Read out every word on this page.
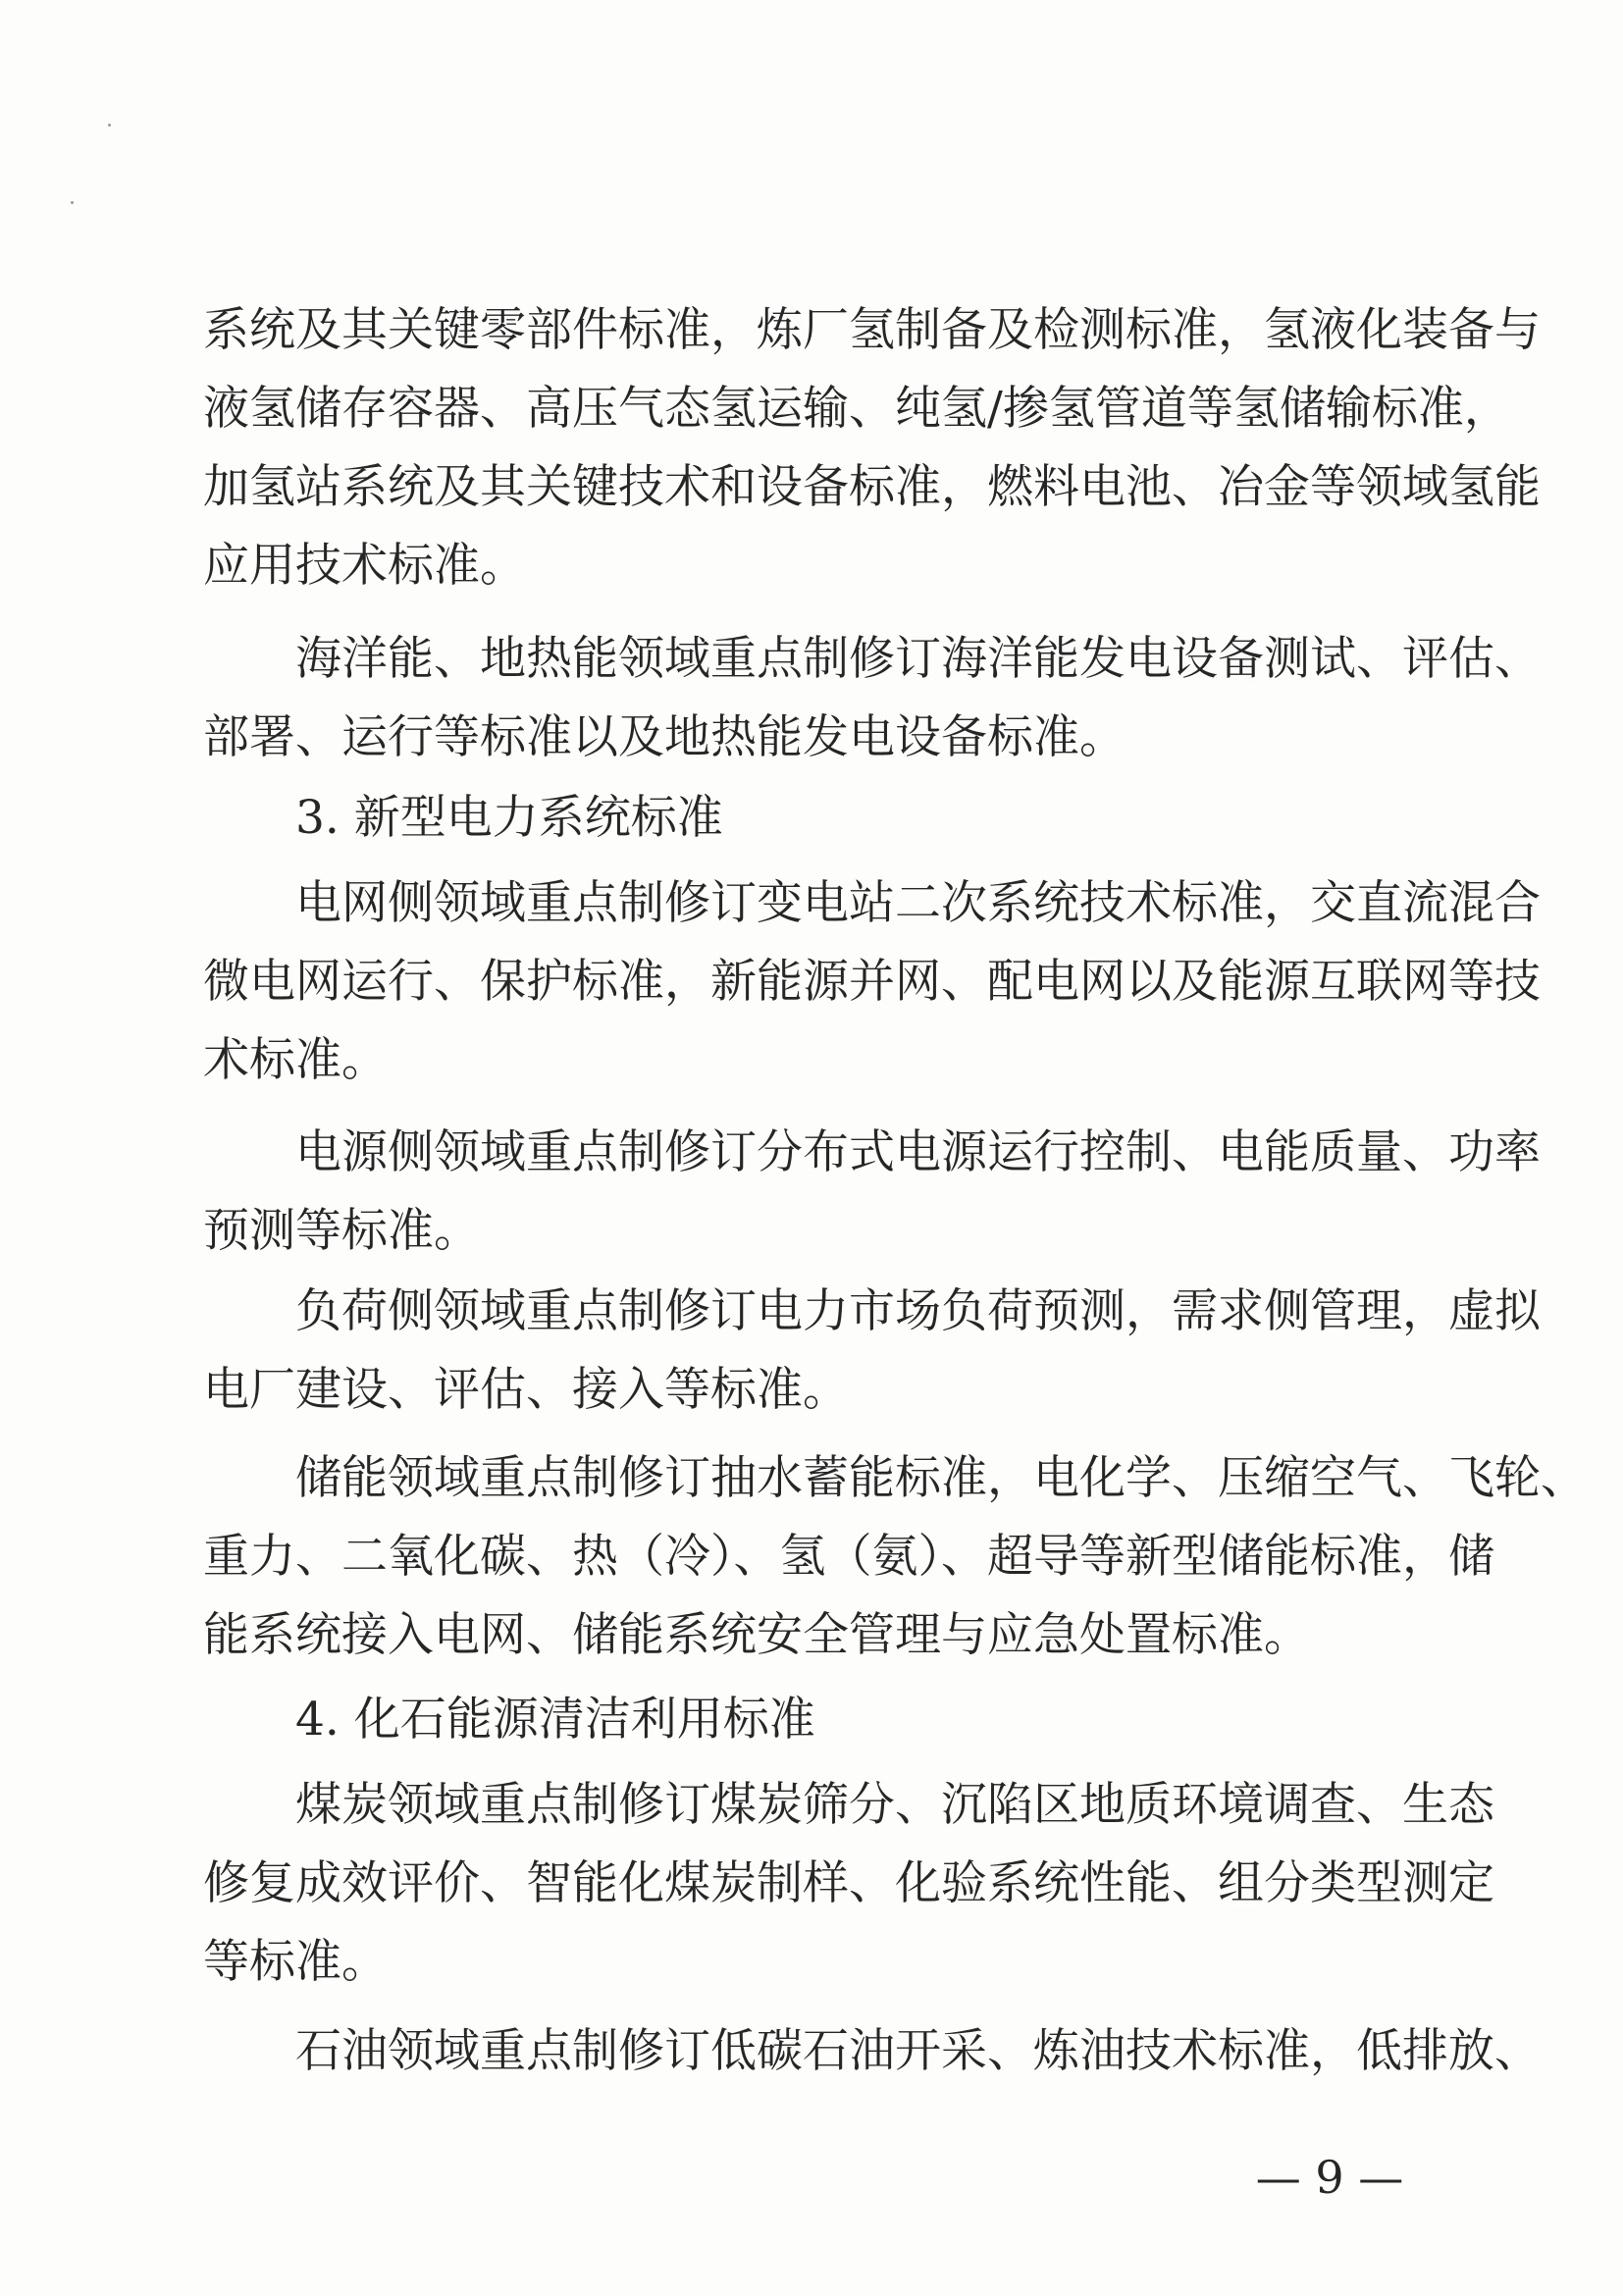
系统及其关键零部件标准，炼厂氢制备及检测标准，氢液化装备与
液氢储存容器、高压气态氢运输、纯氢/掺氢管道等氢储输标准，
加氢站系统及其关键技术和设备标准，燃料电池、冶金等领域氢能
应用技术标准。
海洋能、地热能领域重点制修订海洋能发电设备测试、评估、
部署、运行等标准以及地热能发电设备标准。
3. 新型电力系统标准
电网侧领域重点制修订变电站二次系统技术标准，交直流混合
微电网运行、保护标准，新能源并网、配电网以及能源互联网等技
术标准。
电源侧领域重点制修订分布式电源运行控制、电能质量、功率
预测等标准。
负荷侧领域重点制修订电力市场负荷预测，需求侧管理，虚拟
电厂建设、评估、接入等标准。
储能领域重点制修订抽水蓄能标准，电化学、压缩空气、飞轮、
重力、二氧化碳、热（冷）、氢（氨）、超导等新型储能标准，储
能系统接入电网、储能系统安全管理与应急处置标准。
4. 化石能源清洁利用标准
煤炭领域重点制修订煤炭筛分、沉陷区地质环境调查、生态
修复成效评价、智能化煤炭制样、化验系统性能、组分类型测定
等标准。
石油领域重点制修订低碳石油开采、炼油技术标准，低排放、
— 9 —
